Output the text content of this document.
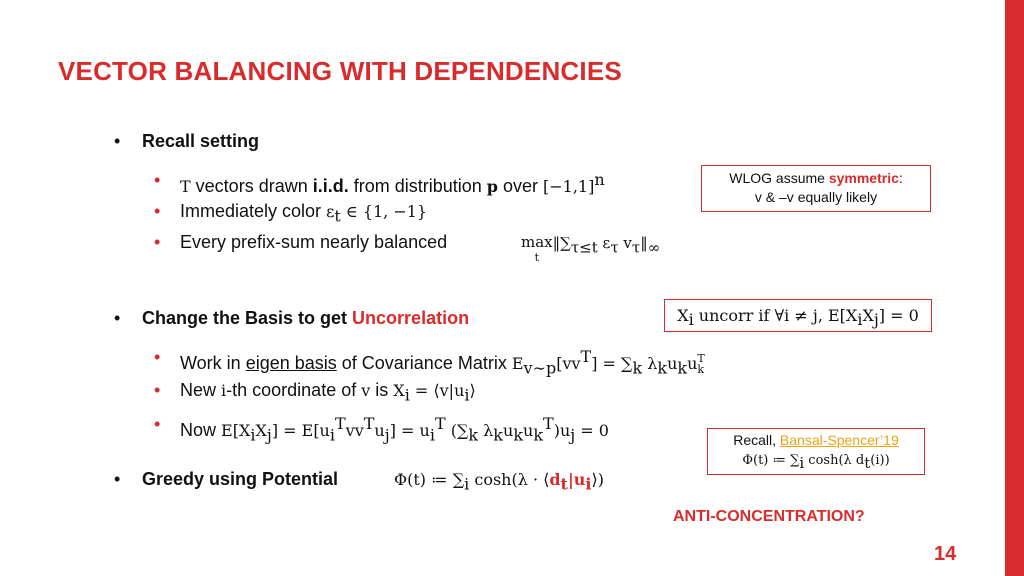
VECTOR BALANCING WITH DEPENDENCIES
• Recall setting
• T vectors drawn i.i.d. from distribution p over $[-1,1]^n$
• Immediately color $\varepsilon_t$ ∈ {1, −1}
• Every prefix-sum nearly balanced	max
$^t‖\sum_{\tau\le t}$ $\varepsilon_\tau$ $v_\tau‖_\infty$
WLOG assume symmetric:
v & –v equally likely
• Change the Basis to get Uncorrelation	$X_i$ uncorr if ∀i ≠ j, $E[X_iX_j] = 0$
• Work in eigen basis of Covariance Matrix $E_{v\sim p}[vv^T] = \sum_k$ $\lambda_ku_ku$ T
k
• New i-th coordinate of v is $X_i$ = $⟨v|u_i⟩$
• Now $E[X_iX_j] = E[u_i^Tvv^Tu_j] = u_i^T$ ($\sum_k$ $\lambda_ku_ku_k^T)u_j = 0$	Recall, Bansal-Spencer’19
Φ(t) ≔ $\sum_i$ cosh(λ $d_t(i)$)
• Greedy using Potential	Φ(t) ≔ $\sum_i$ $\cosh(\lambda \cdot ⟨d_t|u_i⟩)$
ANTI-CONCENTRATION?
14
